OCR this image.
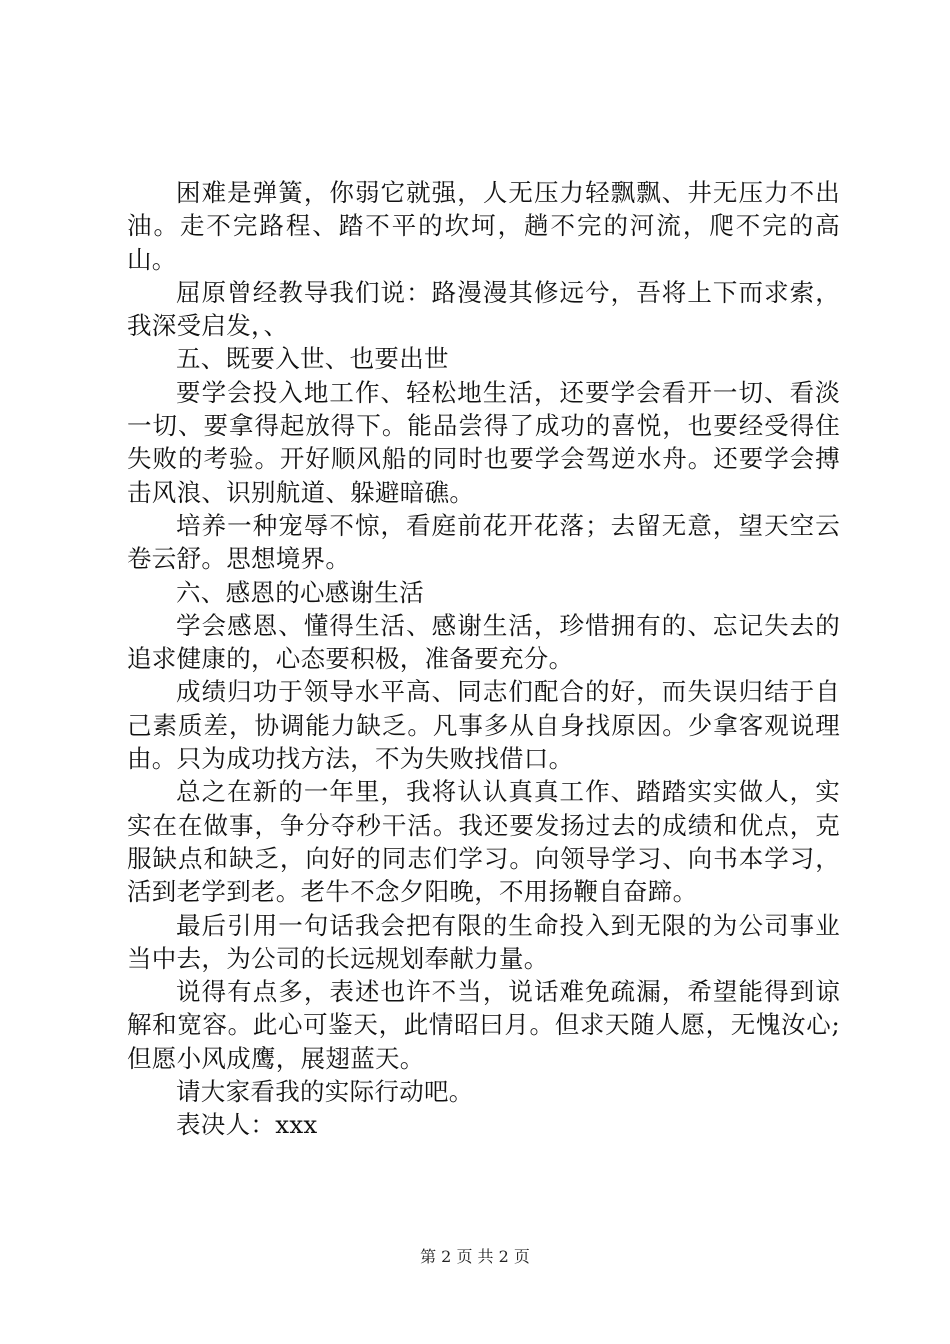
困难是弹簧，你弱它就强，人无压力轻飘飘、井无压力不出油。走不完路程、踏不平的坎坷，趟不完的河流，爬不完的高山。

屈原曾经教导我们说：路漫漫其修远兮，吾将上下而求索，我深受启发，、

五、既要入世、也要出世

要学会投入地工作、轻松地生活，还要学会看开一切、看淡一切、要拿得起放得下。能品尝得了成功的喜悦，也要经受得住失败的考验。开好顺风船的同时也要学会驾逆水舟。还要学会搏击风浪、识别航道、躲避暗礁。

培养一种宠辱不惊，看庭前花开花落；去留无意，望天空云卷云舒。思想境界。

六、感恩的心感谢生活

学会感恩、懂得生活、感谢生活，珍惜拥有的、忘记失去的追求健康的，心态要积极，准备要充分。

成绩归功于领导水平高、同志们配合的好，而失误归结于自己素质差，协调能力缺乏。凡事多从自身找原因。少拿客观说理由。只为成功找方法，不为失败找借口。

总之在新的一年里，我将认认真真工作、踏踏实实做人，实实在在做事，争分夺秒干活。我还要发扬过去的成绩和优点，克服缺点和缺乏，向好的同志们学习。向领导学习、向书本学习，活到老学到老。老牛不念夕阳晚，不用扬鞭自奋蹄。

最后引用一句话我会把有限的生命投入到无限的为公司事业当中去，为公司的长远规划奉献力量。

说得有点多，表述也许不当，说话难免疏漏，希望能得到谅解和宽容。此心可鉴天，此情昭曰月。但求天随人愿，无愧汝心;但愿小风成鹰，展翅蓝天。

请大家看我的实际行动吧。

表决人：xxx

第 2 页 共 2 页
